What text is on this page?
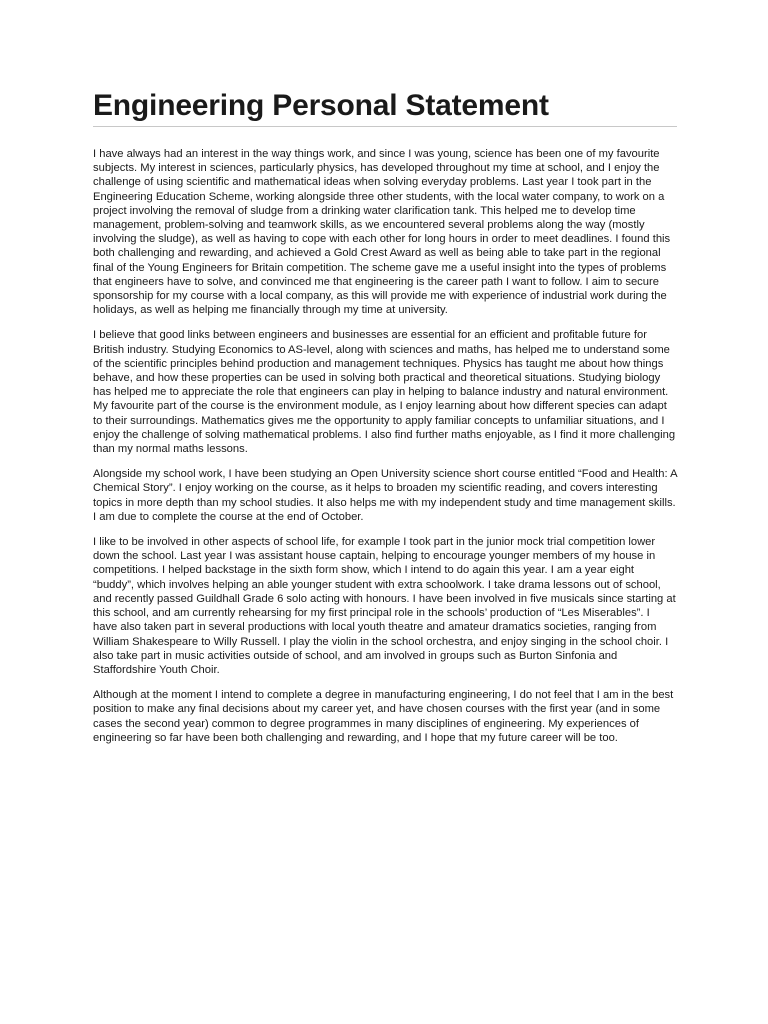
Engineering Personal Statement

I have always had an interest in the way things work, and since I was young, science has been one of my favourite subjects. My interest in sciences, particularly physics, has developed throughout my time at school, and I enjoy the challenge of using scientific and mathematical ideas when solving everyday problems. Last year I took part in the Engineering Education Scheme, working alongside three other students, with the local water company, to work on a project involving the removal of sludge from a drinking water clarification tank. This helped me to develop time management, problem-solving and teamwork skills, as we encountered several problems along the way (mostly involving the sludge), as well as having to cope with each other for long hours in order to meet deadlines. I found this both challenging and rewarding, and achieved a Gold Crest Award as well as being able to take part in the regional final of the Young Engineers for Britain competition. The scheme gave me a useful insight into the types of problems that engineers have to solve, and convinced me that engineering is the career path I want to follow. I aim to secure sponsorship for my course with a local company, as this will provide me with experience of industrial work during the holidays, as well as helping me financially through my time at university.

I believe that good links between engineers and businesses are essential for an efficient and profitable future for British industry. Studying Economics to AS-level, along with sciences and maths, has helped me to understand some of the scientific principles behind production and management techniques. Physics has taught me about how things behave, and how these properties can be used in solving both practical and theoretical situations. Studying biology has helped me to appreciate the role that engineers can play in helping to balance industry and natural environment. My favourite part of the course is the environment module, as I enjoy learning about how different species can adapt to their surroundings. Mathematics gives me the opportunity to apply familiar concepts to unfamiliar situations, and I enjoy the challenge of solving mathematical problems. I also find further maths enjoyable, as I find it more challenging than my normal maths lessons.

Alongside my school work, I have been studying an Open University science short course entitled “Food and Health: A Chemical Story”. I enjoy working on the course, as it helps to broaden my scientific reading, and covers interesting topics in more depth than my school studies. It also helps me with my independent study and time management skills. I am due to complete the course at the end of October.

I like to be involved in other aspects of school life, for example I took part in the junior mock trial competition lower down the school. Last year I was assistant house captain, helping to encourage younger members of my house in competitions. I helped backstage in the sixth form show, which I intend to do again this year. I am a year eight “buddy”, which involves helping an able younger student with extra schoolwork. I take drama lessons out of school, and recently passed Guildhall Grade 6 solo acting with honours. I have been involved in five musicals since starting at this school, and am currently rehearsing for my first principal role in the schools’ production of “Les Miserables”. I have also taken part in several productions with local youth theatre and amateur dramatics societies, ranging from William Shakespeare to Willy Russell. I play the violin in the school orchestra, and enjoy singing in the school choir. I also take part in music activities outside of school, and am involved in groups such as Burton Sinfonia and Staffordshire Youth Choir.

Although at the moment I intend to complete a degree in manufacturing engineering, I do not feel that I am in the best position to make any final decisions about my career yet, and have chosen courses with the first year (and in some cases the second year) common to degree programmes in many disciplines of engineering. My experiences of engineering so far have been both challenging and rewarding, and I hope that my future career will be too.
